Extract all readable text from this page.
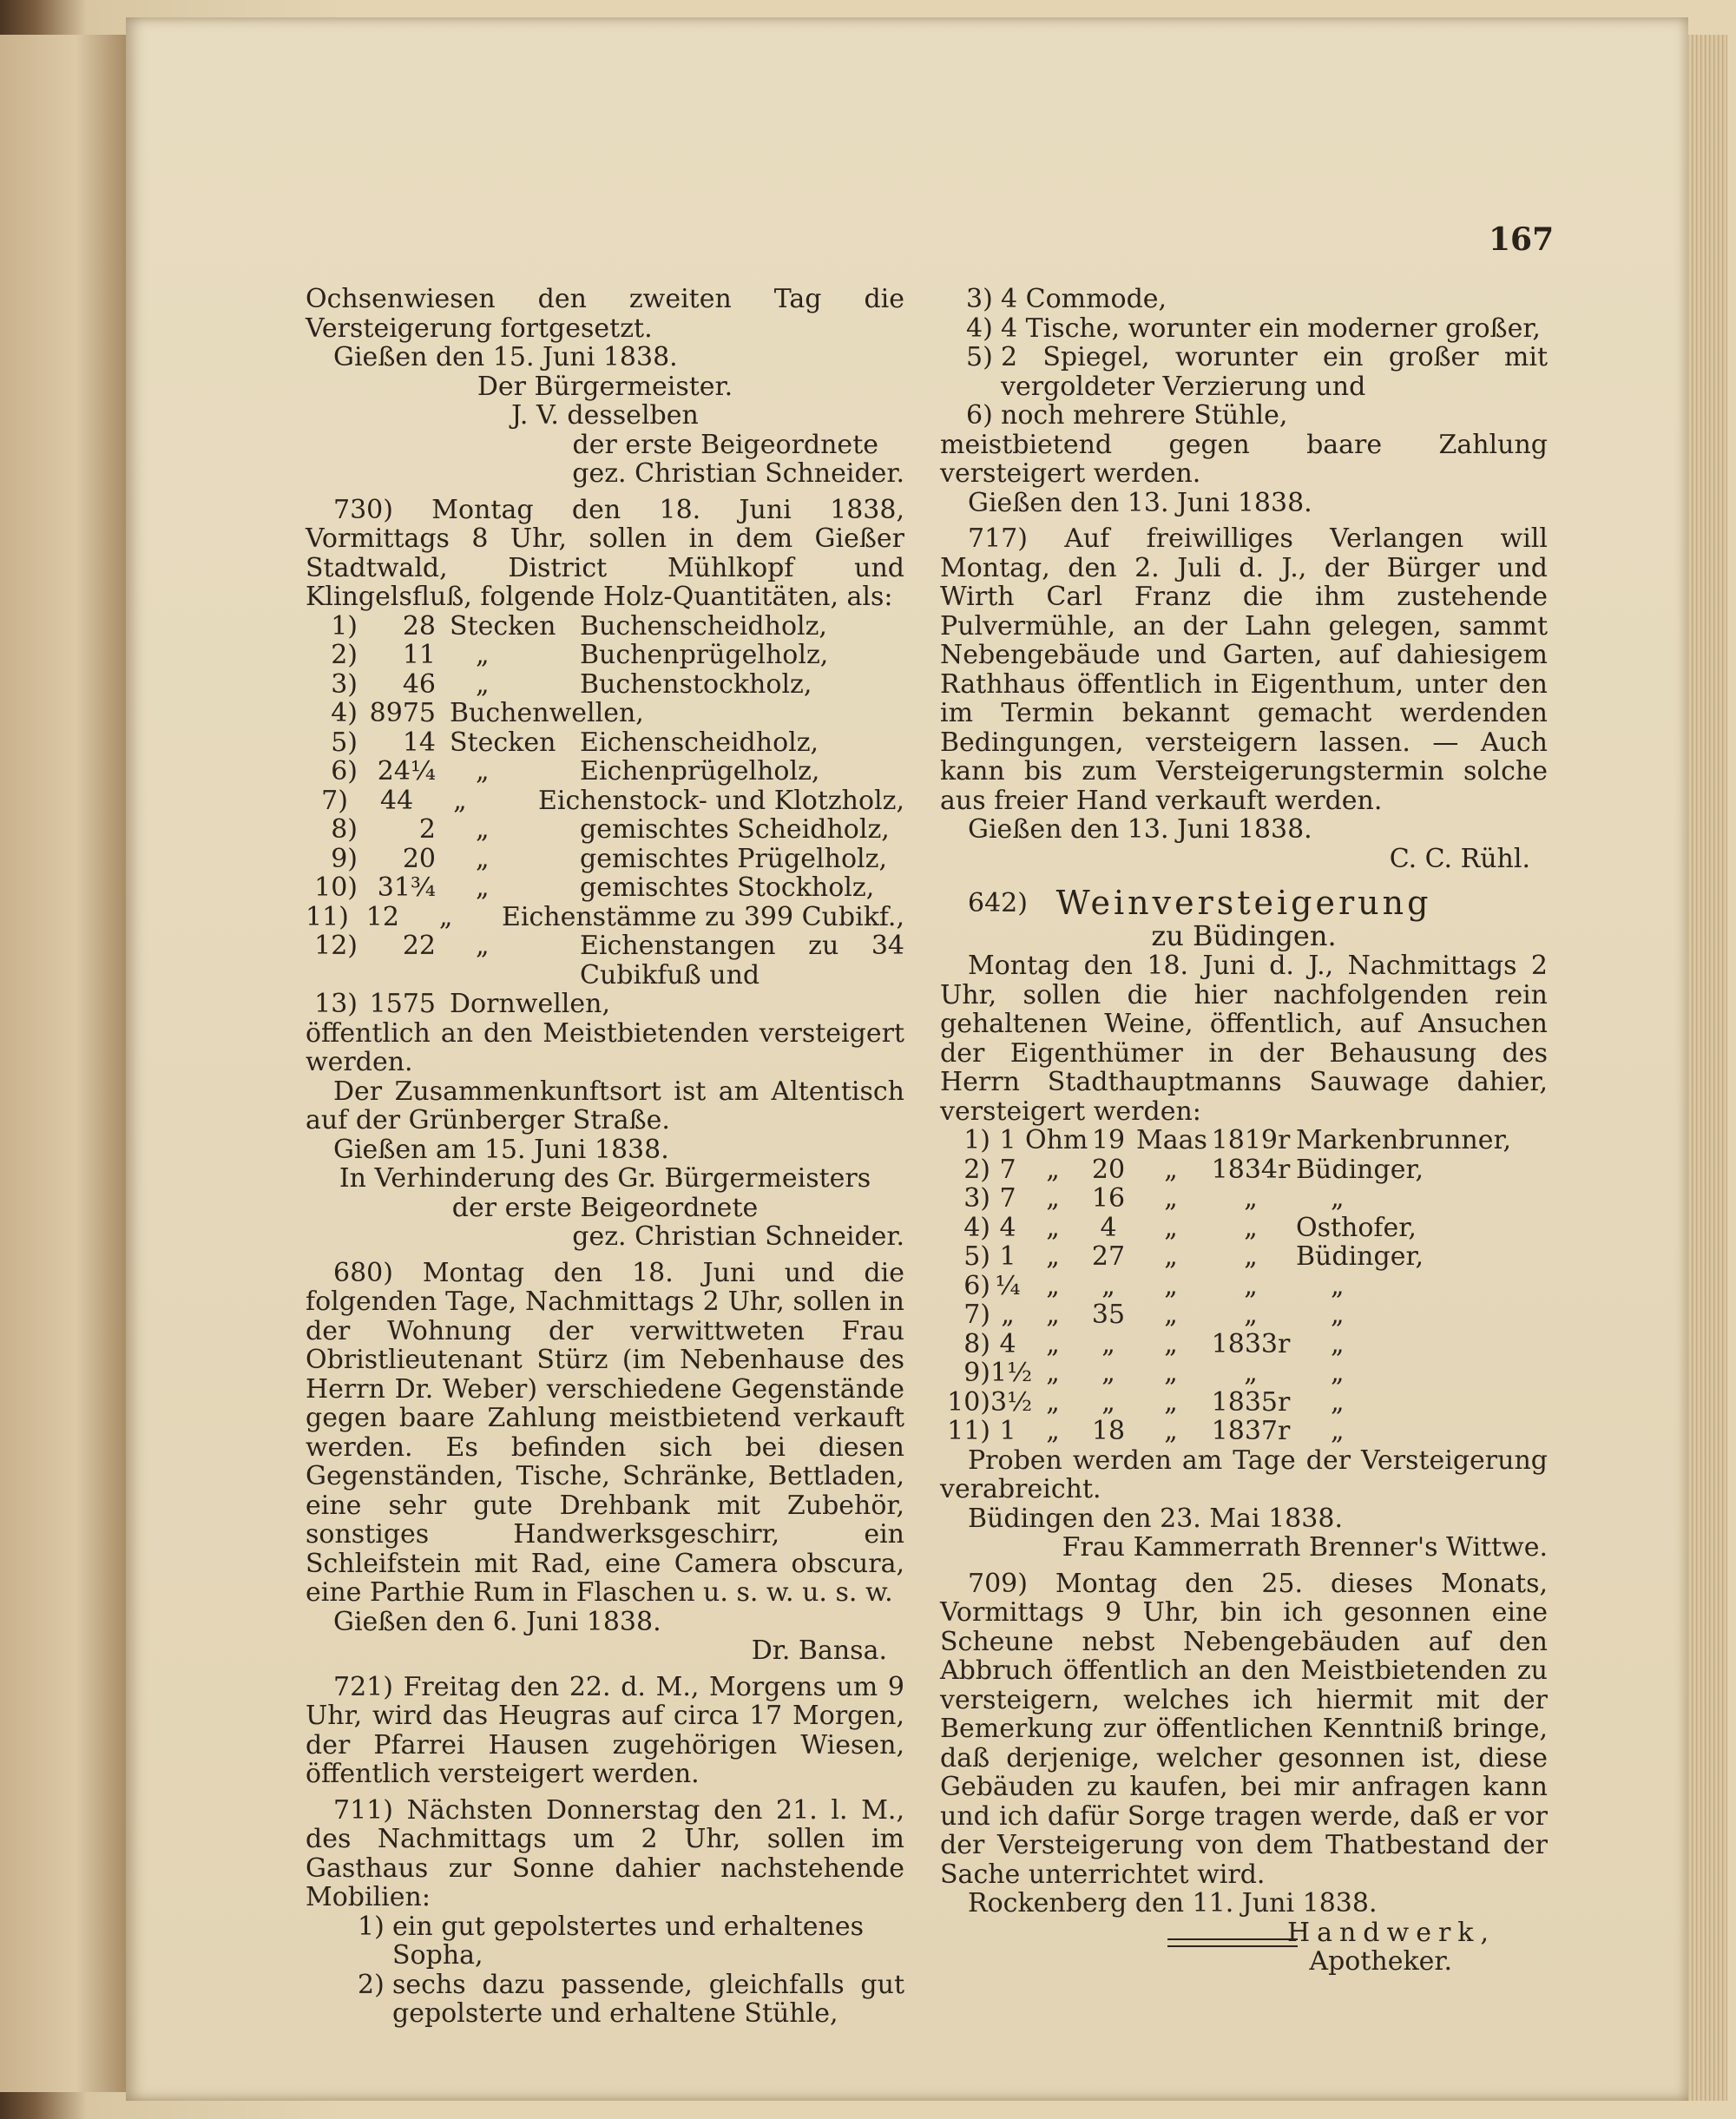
167

Ochsenwiesen den zweiten Tag die Versteigerung fortgesetzt.

Gießen den 15. Juni 1838.

Der Bürgermeister.

J. V. desselben

der erste Beigeordnete

gez. Christian Schneider.

730) Montag den 18. Juni 1838, Vormittags 8 Uhr, sollen in dem Gießer Stadtwald, District Mühlkopf und Klingelsfluß, folgende Holz-Quantitäten, als:

1)	28 Stecken Buchenscheidholz,
2)	11	„	Buchenprügelholz,
3)	46	„	Buchenstockholz,
4) 8975 Buchenwellen,
5)	14 Stecken Eichenscheidholz,
6) 24¼	„	Eichenprügelholz,
7)	44	„	Eichenstock- und Klotzholz,
8)	2	„	gemischtes Scheidholz,
9)	20	„	gemischtes Prügelholz,
10) 31¾	„	gemischtes Stockholz,
11) 12	„	Eichenstämme zu 399 Cubikf.,
12)	22	„	Eichenstangen zu 34 Cubikfuß und
13) 1575 Dornwellen,

öffentlich an den Meistbietenden versteigert werden.

Der Zusammenkunftsort ist am Altentisch auf der Grünberger Straße.

Gießen am 15. Juni 1838.

In Verhinderung des Gr. Bürgermeisters

der erste Beigeordnete

gez. Christian Schneider.

680) Montag den 18. Juni und die folgenden Tage, Nachmittags 2 Uhr, sollen in der Wohnung der verwittweten Frau Obristlieutenant Stürz (im Nebenhause des Herrn Dr. Weber) verschiedene Gegenstände gegen baare Zahlung meistbietend verkauft werden. Es befinden sich bei diesen Gegenständen, Tische, Schränke, Bettladen, eine sehr gute Drehbank mit Zubehör, sonstiges Handwerksgeschirr, ein Schleifstein mit Rad, eine Camera obscura, eine Parthie Rum in Flaschen u. s. w. u. s. w.

Gießen den 6. Juni 1838.

Dr. Bansa.

721) Freitag den 22. d. M., Morgens um 9 Uhr, wird das Heugras auf circa 17 Morgen, der Pfarrei Hausen zugehörigen Wiesen, öffentlich versteigert werden.

711) Nächsten Donnerstag den 21. l. M., des Nachmittags um 2 Uhr, sollen im Gasthaus zur Sonne dahier nachstehende Mobilien:

1) ein gut gepolstertes und erhaltenes Sopha,
2) sechs dazu passende, gleichfalls gut gepolsterte und erhaltene Stühle,
3) 4 Commode,
4) 4 Tische, worunter ein moderner großer,
5) 2 Spiegel, worunter ein großer mit vergoldeter Verzierung und
6) noch mehrere Stühle,

meistbietend gegen baare Zahlung versteigert werden.

Gießen den 13. Juni 1838.

717) Auf freiwilliges Verlangen will Montag, den 2. Juli d. J., der Bürger und Wirth Carl Franz die ihm zustehende Pulvermühle, an der Lahn gelegen, sammt Nebengebäude und Garten, auf dahiesigem Rathhaus öffentlich in Eigenthum, unter den im Termin bekannt gemacht werdenden Bedingungen, versteigern lassen. — Auch kann bis zum Versteigerungstermin solche aus freier Hand verkauft werden.

Gießen den 13. Juni 1838.

C. C. Rühl.

642) Weinversteigerung
zu Büdingen.

Montag den 18. Juni d. J., Nachmittags 2 Uhr, sollen die hier nachfolgenden rein gehaltenen Weine, öffentlich, auf Ansuchen der Eigenthümer in der Behausung des Herrn Stadthauptmanns Sauwage dahier, versteigert werden:

1) 1 Ohm 19 Maas 1819r Markenbrunner,
2) 7	„	20	„	1834r Büdinger,
3) 7	„	16	„	„	„
4) 4	„	4	„	„	Osthofer,
5) 1	„	27	„	„	Büdinger,
6) ¼ „	„	„	„	„
7) „	„	35	„	„	„
8) 4	„	„	„	1833r	„
9) 1½ „	„	„	„	„
10) 3½ „	„	„	1835r	„
11) 1	„	18	„	1837r	„

Proben werden am Tage der Versteigerung verabreicht.

Büdingen den 23. Mai 1838.

Frau Kammerrath Brenner's Wittwe.

709) Montag den 25. dieses Monats, Vormittags 9 Uhr, bin ich gesonnen eine Scheune nebst Nebengebäuden auf den Abbruch öffentlich an den Meistbietenden zu versteigern, welches ich hiermit mit der Bemerkung zur öffentlichen Kenntniß bringe, daß derjenige, welcher gesonnen ist, diese Gebäuden zu kaufen, bei mir anfragen kann und ich dafür Sorge tragen werde, daß er vor der Versteigerung von dem Thatbestand der Sache unterrichtet wird.

Rockenberg den 11. Juni 1838.

Handwerk,

Apotheker.
